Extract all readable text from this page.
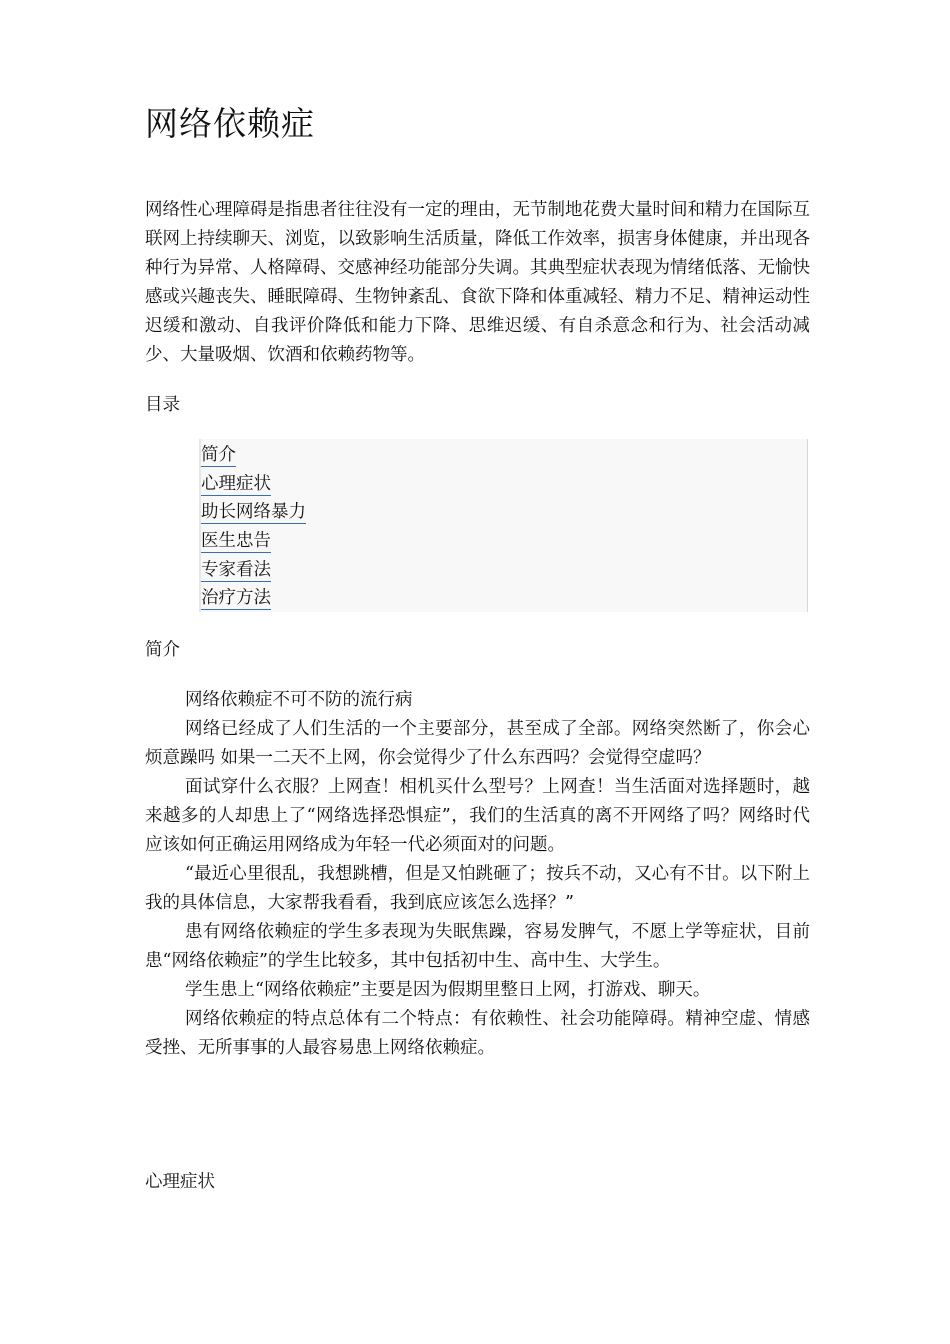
网络依赖症

网络性心理障碍是指患者往往没有一定的理由，无节制地花费大量时间和精力在国际互联网上持续聊天、浏览，以致影响生活质量，降低工作效率，损害身体健康，并出现各种行为异常、人格障碍、交感神经功能部分失调。其典型症状表现为情绪低落、无愉快感或兴趣丧失、睡眠障碍、生物钟紊乱、食欲下降和体重减轻、精力不足、精神运动性迟缓和激动、自我评价降低和能力下降、思维迟缓、有自杀意念和行为、社会活动减少、大量吸烟、饮酒和依赖药物等。

目录
简介
心理症状
助长网络暴力
医生忠告
专家看法
治疗方法
简介

网络依赖症不可不防的流行病

网络已经成了人们生活的一个主要部分，甚至成了全部。网络突然断了，你会心烦意躁吗 如果一二天不上网，你会觉得少了什么东西吗？会觉得空虚吗？

面试穿什么衣服？上网查！相机买什么型号？上网查！当生活面对选择题时，越来越多的人却患上了“网络选择恐惧症”，我们的生活真的离不开网络了吗？网络时代应该如何正确运用网络成为年轻一代必须面对的问题。

“最近心里很乱，我想跳槽，但是又怕跳砸了；按兵不动，又心有不甘。以下附上我的具体信息，大家帮我看看，我到底应该怎么选择？”

患有网络依赖症的学生多表现为失眠焦躁，容易发脾气，不愿上学等症状，目前患“网络依赖症”的学生比较多，其中包括初中生、高中生、大学生。

学生患上“网络依赖症”主要是因为假期里整日上网，打游戏、聊天。

网络依赖症的特点总体有二个特点：有依赖性、社会功能障碍。精神空虚、情感受挫、无所事事的人最容易患上网络依赖症。

心理症状
